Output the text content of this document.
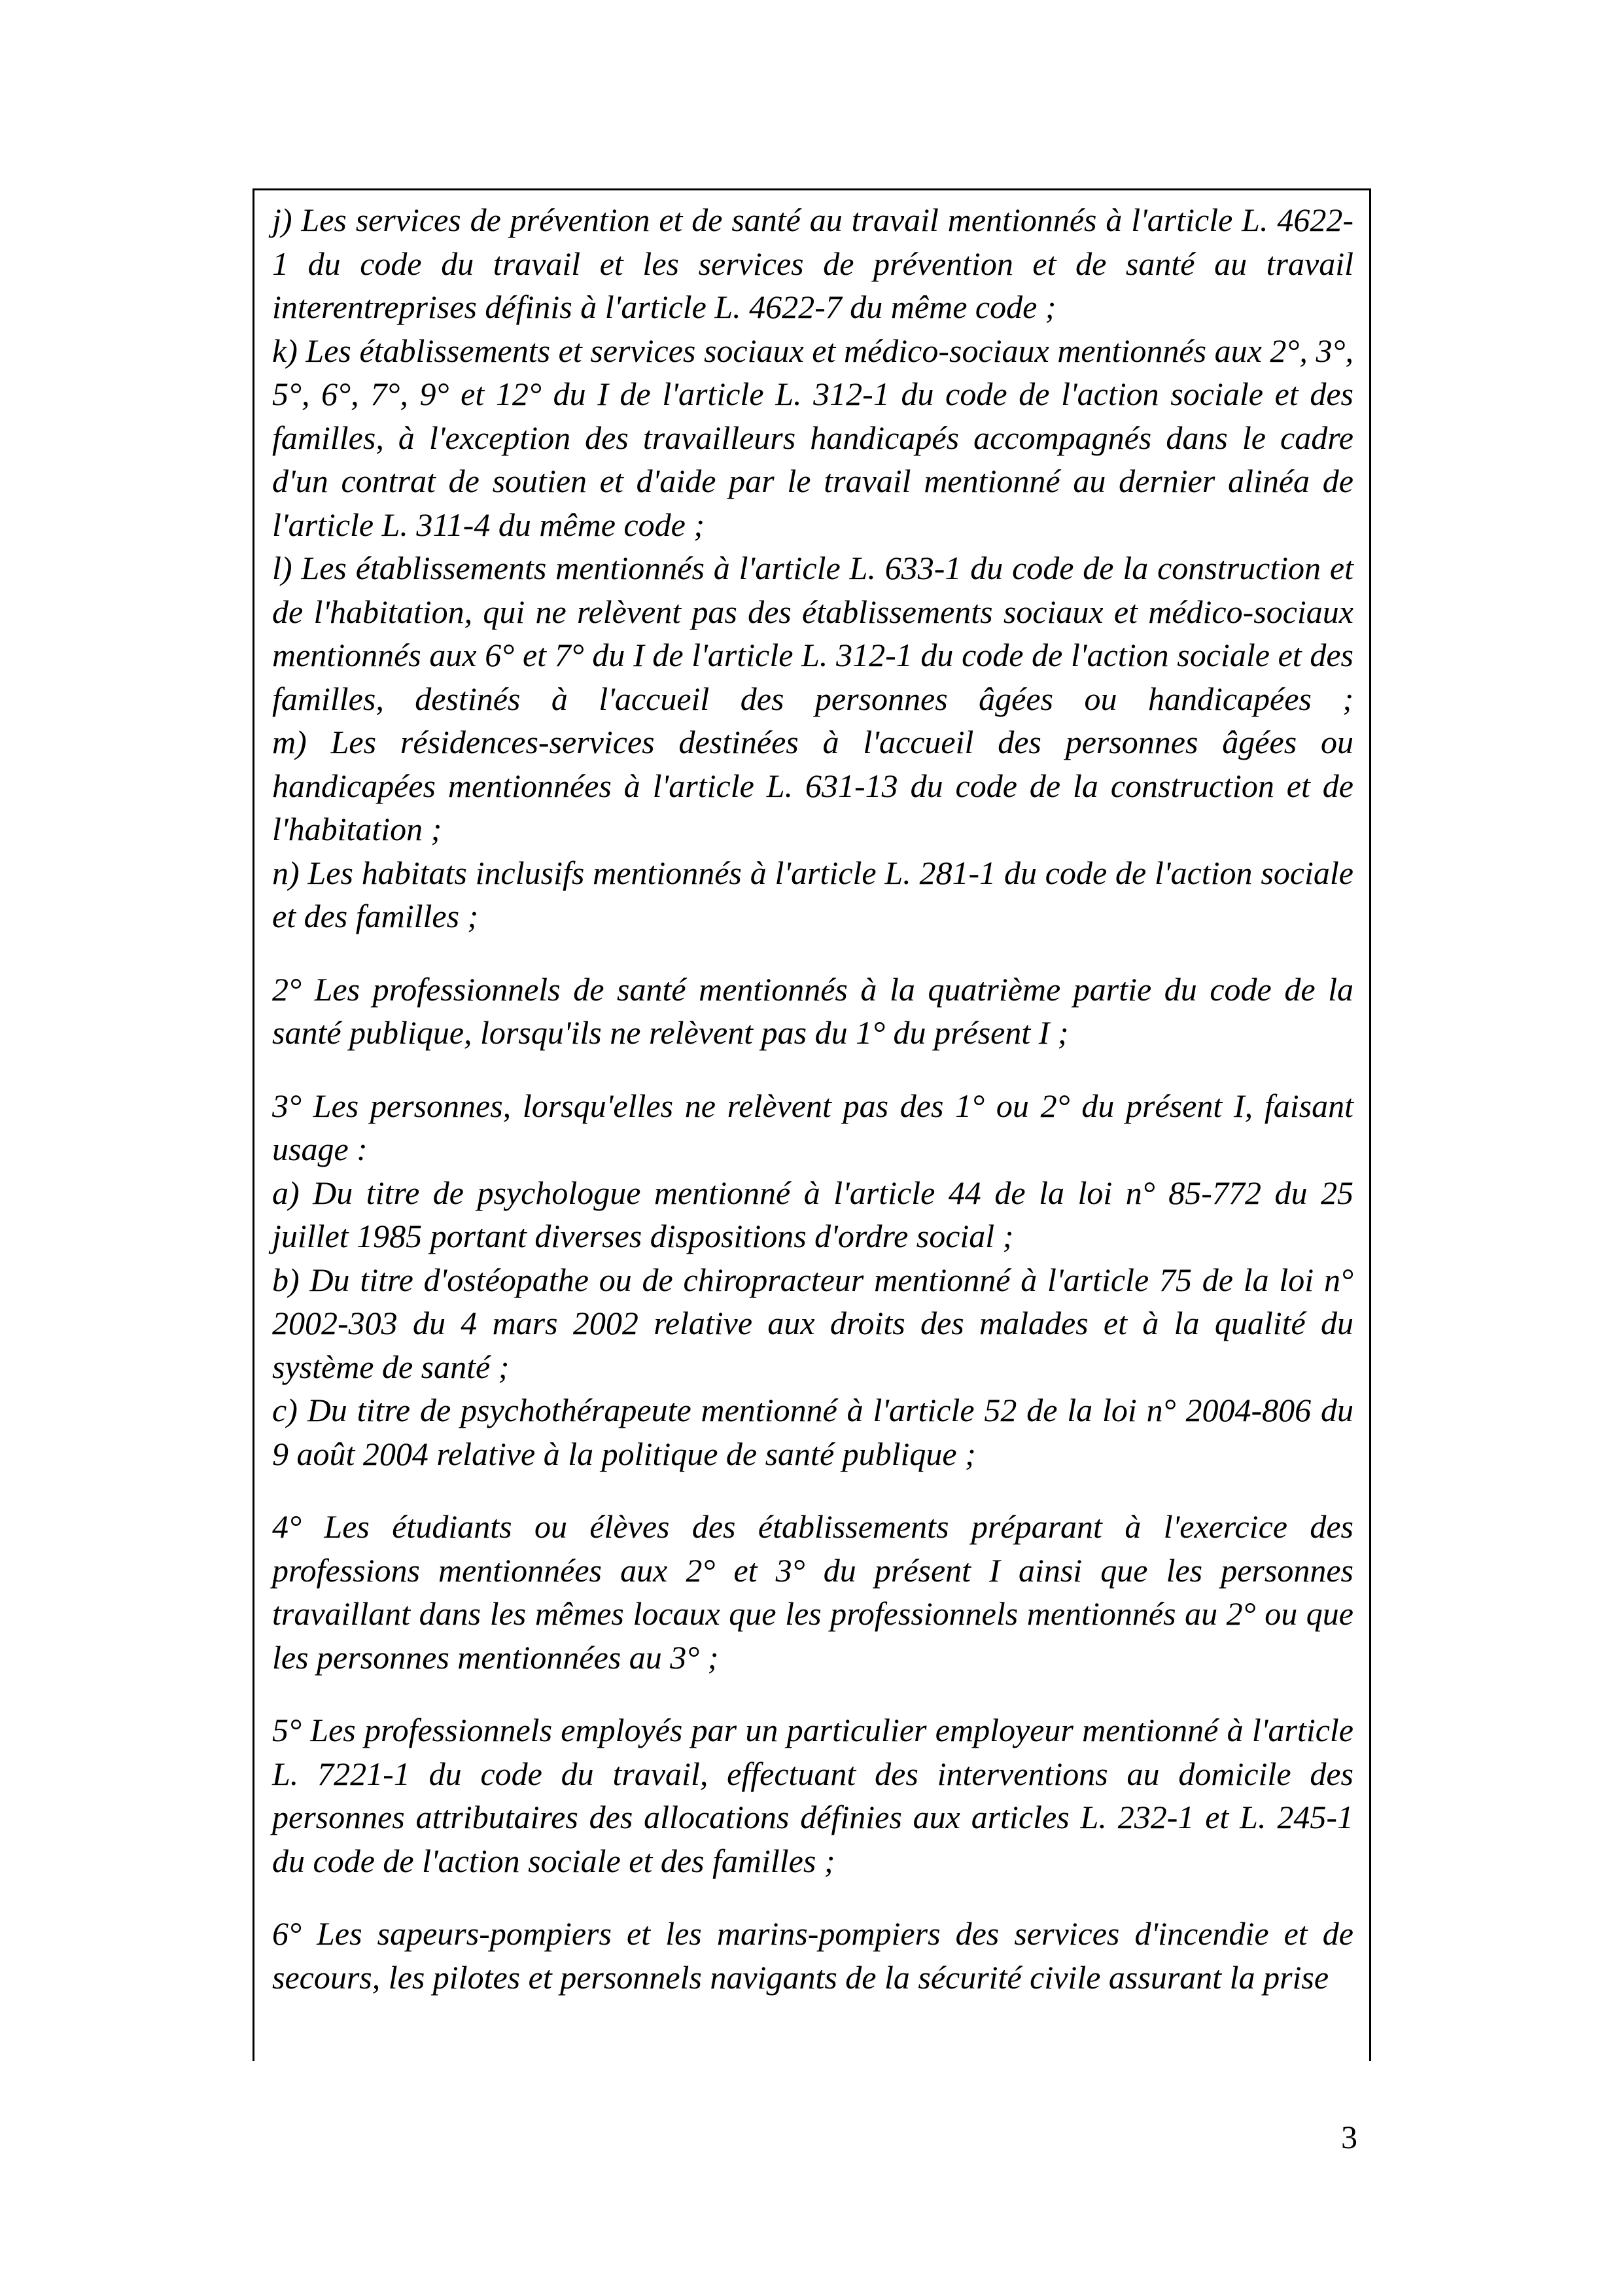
j) Les services de prévention et de santé au travail mentionnés à l'article L. 4622-
1 du code du travail et les services de prévention et de santé au travail
interentreprises définis à l'article L. 4622-7 du même code ;
k) Les établissements et services sociaux et médico-sociaux mentionnés aux 2°, 3°,
5°, 6°, 7°, 9° et 12° du I de l'article L. 312-1 du code de l'action sociale et des
familles, à l'exception des travailleurs handicapés accompagnés dans le cadre
d'un contrat de soutien et d'aide par le travail mentionné au dernier alinéa de
l'article L. 311-4 du même code ;
l) Les établissements mentionnés à l'article L. 633-1 du code de la construction et
de l'habitation, qui ne relèvent pas des établissements sociaux et médico-sociaux
mentionnés aux 6° et 7° du I de l'article L. 312-1 du code de l'action sociale et des
familles, destinés à l'accueil des personnes âgées ou handicapées ;
m) Les résidences-services destinées à l'accueil des personnes âgées ou
handicapées mentionnées à l'article L. 631-13 du code de la construction et de
l'habitation ;
n) Les habitats inclusifs mentionnés à l'article L. 281-1 du code de l'action sociale
et des familles ;
2° Les professionnels de santé mentionnés à la quatrième partie du code de la
santé publique, lorsqu'ils ne relèvent pas du 1° du présent I ;
3° Les personnes, lorsqu'elles ne relèvent pas des 1° ou 2° du présent I, faisant
usage :
a) Du titre de psychologue mentionné à l'article 44 de la loi n° 85-772 du 25
juillet 1985 portant diverses dispositions d'ordre social ;
b) Du titre d'ostéopathe ou de chiropracteur mentionné à l'article 75 de la loi n°
2002-303 du 4 mars 2002 relative aux droits des malades et à la qualité du
système de santé ;
c) Du titre de psychothérapeute mentionné à l'article 52 de la loi n° 2004-806 du
9 août 2004 relative à la politique de santé publique ;
4° Les étudiants ou élèves des établissements préparant à l'exercice des
professions mentionnées aux 2° et 3° du présent I ainsi que les personnes
travaillant dans les mêmes locaux que les professionnels mentionnés au 2° ou que
les personnes mentionnées au 3° ;
5° Les professionnels employés par un particulier employeur mentionné à l'article
L. 7221-1 du code du travail, effectuant des interventions au domicile des
personnes attributaires des allocations définies aux articles L. 232-1 et L. 245-1
du code de l'action sociale et des familles ;
6° Les sapeurs-pompiers et les marins-pompiers des services d'incendie et de
secours, les pilotes et personnels navigants de la sécurité civile assurant la prise
3
